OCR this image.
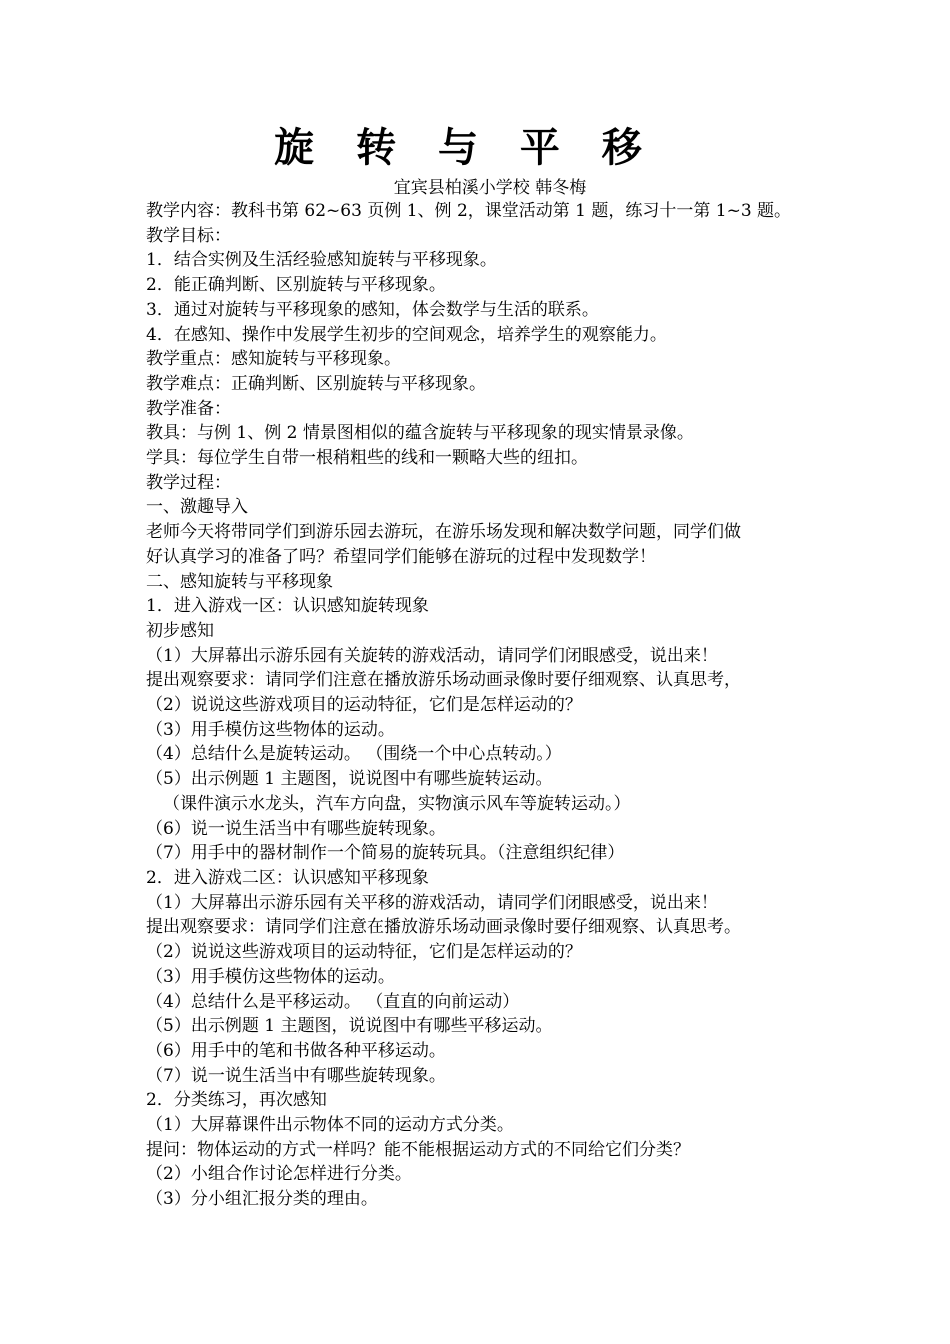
旋 转 与 平 移
宜宾县柏溪小学校 韩冬梅
教学内容：教科书第 62~63 页例 1、例 2，课堂活动第 1 题，练习十一第 1~3 题。
教学目标：
1．结合实例及生活经验感知旋转与平移现象。
2．能正确判断、区别旋转与平移现象。
3．通过对旋转与平移现象的感知，体会数学与生活的联系。
4．在感知、操作中发展学生初步的空间观念，培养学生的观察能力。
教学重点：感知旋转与平移现象。
教学难点：正确判断、区别旋转与平移现象。
教学准备：
教具：与例 1、例 2 情景图相似的蕴含旋转与平移现象的现实情景录像。
学具：每位学生自带一根稍粗些的线和一颗略大些的纽扣。
教学过程：
一、激趣导入
老师今天将带同学们到游乐园去游玩，在游乐场发现和解决数学问题，同学们做
好认真学习的准备了吗？希望同学们能够在游玩的过程中发现数学！
二、感知旋转与平移现象
1．进入游戏一区：认识感知旋转现象
初步感知
（1）大屏幕出示游乐园有关旋转的游戏活动，请同学们闭眼感受，说出来！
提出观察要求：请同学们注意在播放游乐场动画录像时要仔细观察、认真思考，
（2）说说这些游戏项目的运动特征，它们是怎样运动的？
（3）用手模仿这些物体的运动。
（4）总结什么是旋转运动。 （围绕一个中心点转动。）
（5）出示例题 1 主题图，说说图中有哪些旋转运动。
（课件演示水龙头，汽车方向盘，实物演示风车等旋转运动。）
（6）说一说生活当中有哪些旋转现象。
（7）用手中的器材制作一个简易的旋转玩具。（注意组织纪律）
2．进入游戏二区：认识感知平移现象
（1）大屏幕出示游乐园有关平移的游戏活动，请同学们闭眼感受，说出来！
提出观察要求：请同学们注意在播放游乐场动画录像时要仔细观察、认真思考。
（2）说说这些游戏项目的运动特征，它们是怎样运动的？
（3）用手模仿这些物体的运动。
（4）总结什么是平移运动。 （直直的向前运动）
（5）出示例题 1 主题图，说说图中有哪些平移运动。
（6）用手中的笔和书做各种平移运动。
（7）说一说生活当中有哪些旋转现象。
2．分类练习，再次感知
（1）大屏幕课件出示物体不同的运动方式分类。
提问：物体运动的方式一样吗？能不能根据运动方式的不同给它们分类？
（2）小组合作讨论怎样进行分类。
（3）分小组汇报分类的理由。
